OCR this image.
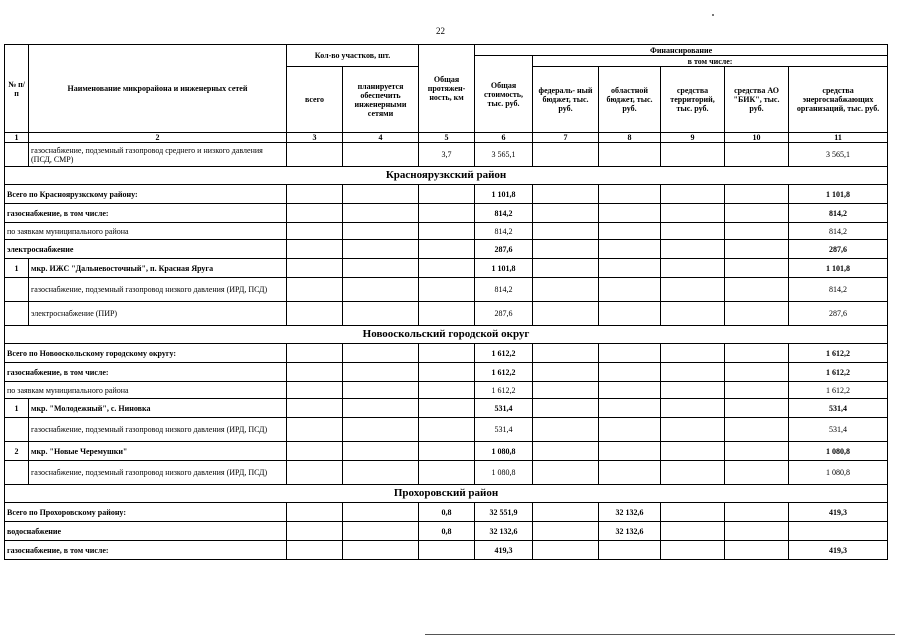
22
№ п/п	Наименование микрорайона и инженерных сетей	Кол-во участков, шт.		Общая протяжен- ность, км	Финансирование					
					Общая стоимость, тыс. руб.	в том числе:				
		всего	планируется обеспечить инженерными сетями			федераль- ный бюджет, тыс. руб.	областной бюджет, тыс. руб.	средства территорий, тыс. руб.	средства АО "БИК", тыс. руб.	средства энергоснабжающих организаций, тыс. руб.
1	2	3	4	5	6	7	8	9	10	11
	газоснабжение, подземный газопровод среднего и низкого давления (ПСД, СМР)			3,7	3 565,1					3 565,1
Красноярузкский район										
Всего по Красноярузкскому району:					1 101,8					1 101,8
газоснабжение, в том числе:					814,2					814,2
по заявкам муниципального района					814,2					814,2
электроснабжение					287,6					287,6
1	мкр. ИЖС "Дальневосточный", п. Красная Яруга				1 101,8					1 101,8
	газоснабжение, подземный газопровод низкого давления (ИРД, ПСД)				814,2					814,2
	электроснабжение (ПИР)				287,6					287,6
Новооскольский городской округ										
Всего по Новооскольскому городскому округу:					1 612,2					1 612,2
газоснабжение, в том числе:					1 612,2					1 612,2
по заявкам муниципального района					1 612,2					1 612,2
1	мкр. "Молодежный", с. Ниновка				531,4					531,4
	газоснабжение, подземный газопровод низкого давления (ИРД, ПСД)				531,4					531,4
2	мкр. "Новые Черемушки"				1 080,8					1 080,8
	газоснабжение, подземный газопровод низкого давления (ИРД, ПСД)				1 080,8					1 080,8
Прохоровский район										
Всего по Прохоровскому району:				0,8	32 551,9		32 132,6			419,3
водоснабжение				0,8	32 132,6		32 132,6			
газоснабжение, в том числе:					419,3					419,3
